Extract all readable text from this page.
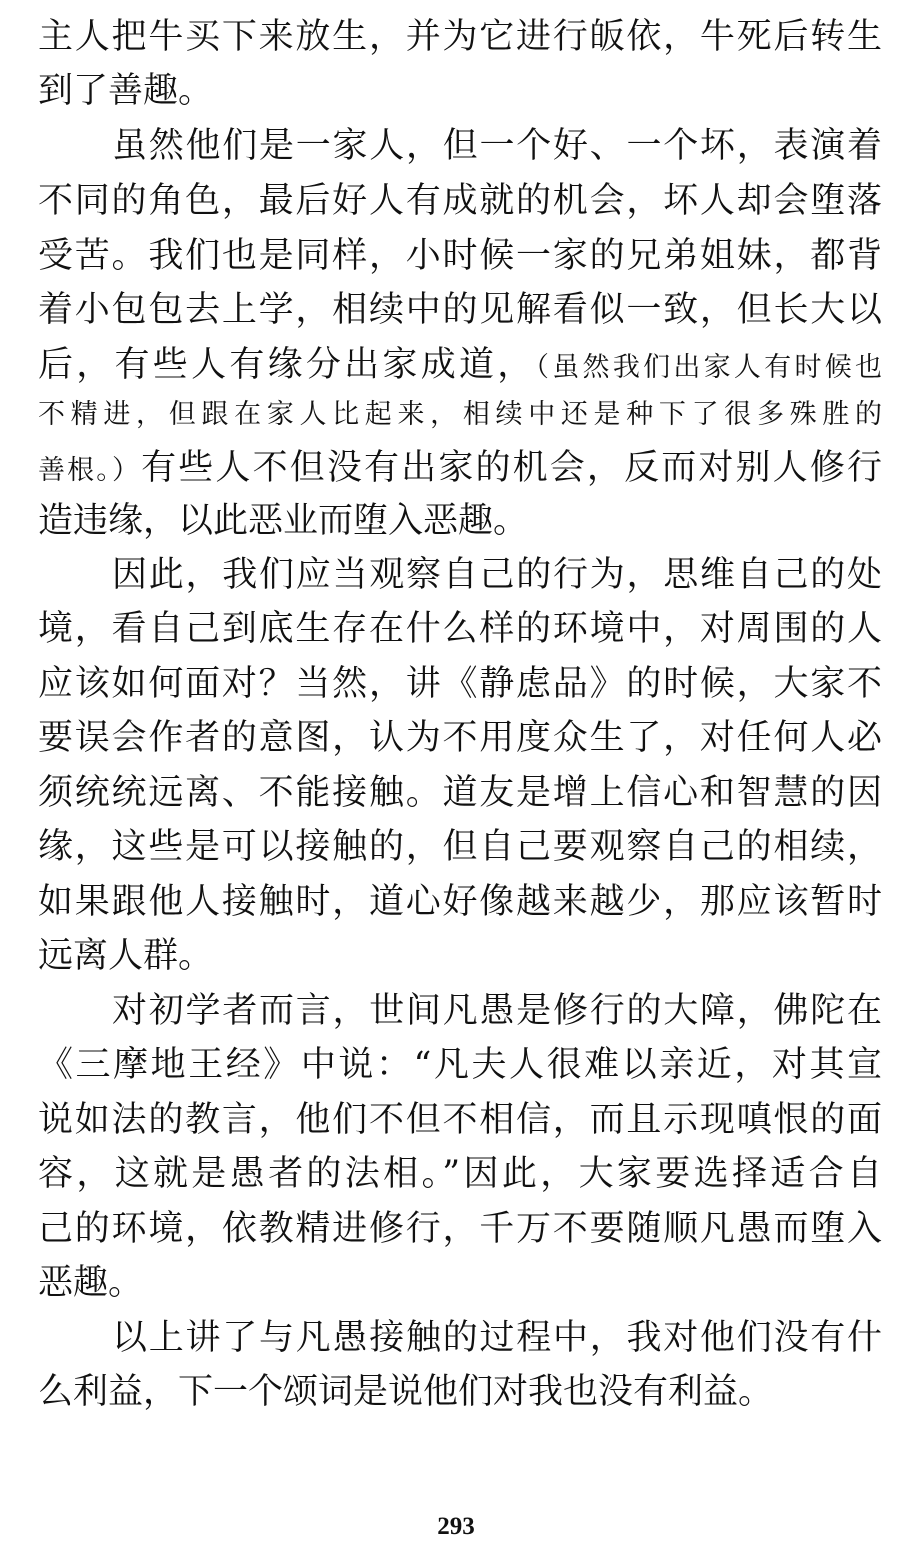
主人把牛买下来放生，并为它进行皈依，牛死后转生
到了善趣。
虽然他们是一家人，但一个好、一个坏，表演着
不同的角色，最后好人有成就的机会，坏人却会堕落
受苦。我们也是同样，小时候一家的兄弟姐妹，都背
着小包包去上学，相续中的见解看似一致，但长大以
后，有些人有缘分出家成道，（虽然我们出家人有时候也
不精进，但跟在家人比起来，相续中还是种下了很多殊胜的
善根。）有些人不但没有出家的机会，反而对别人修行
造违缘，以此恶业而堕入恶趣。
因此，我们应当观察自己的行为，思维自己的处
境，看自己到底生存在什么样的环境中，对周围的人
应该如何面对？当然，讲《静虑品》的时候，大家不
要误会作者的意图，认为不用度众生了，对任何人必
须统统远离、不能接触。道友是增上信心和智慧的因
缘，这些是可以接触的，但自己要观察自己的相续，
如果跟他人接触时，道心好像越来越少，那应该暂时
远离人群。
对初学者而言，世间凡愚是修行的大障，佛陀在
《三摩地王经》中说：“凡夫人很难以亲近，对其宣
说如法的教言，他们不但不相信，而且示现嗔恨的面
容，这就是愚者的法相。”因此，大家要选择适合自
己的环境，依教精进修行，千万不要随顺凡愚而堕入
恶趣。
以上讲了与凡愚接触的过程中，我对他们没有什
么利益，下一个颂词是说他们对我也没有利益。
293
